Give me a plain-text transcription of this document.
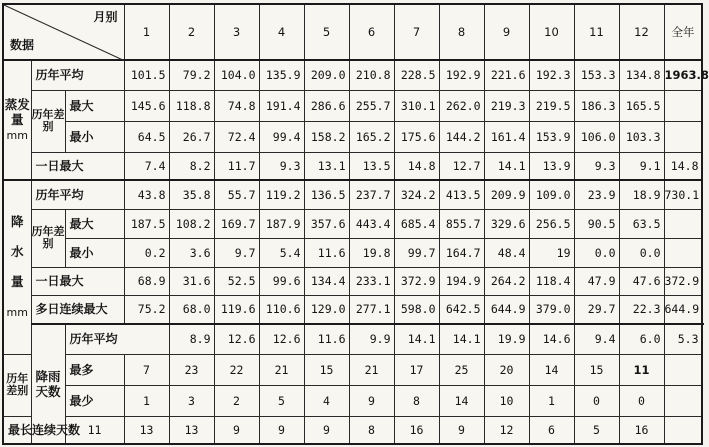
月别
数据			1	2	3	4	5	6	7	8	9	10	11	12	全年	
蒸发量
mm	历年平均		101.5	79.2	104.0	135.9	209.0	210.8	228.5	192.9	221.6	192.3	153.3	134.8	1963.8	
	历年差别	最大	145.6	118.8	74.8	191.4	286.6	255.7	310.1	262.0	219.3	219.5	186.3	165.5		
		最小	64.5	26.7	72.4	99.4	158.2	165.2	175.6	144.2	161.4	153.9	106.0	103.3		
	一日最大		7.4	8.2	11.7	9.3	13.1	13.5	14.8	12.7	14.1	13.9	9.3	9.1	14.8	
降

水

量

mm	历年平均		43.8	35.8	55.7	119.2	136.5	237.7	324.2	413.5	209.9	109.0	23.9	18.9	730.1	
	历年差别	最大	187.5	108.2	169.7	187.9	357.6	443.4	685.4	855.7	329.6	256.5	90.5	63.5		
		最小	0.2	3.6	9.7	5.4	11.6	19.8	99.7	164.7	48.4	19	0.0	0.0		
	一日最大		68.9	31.6	52.5	99.6	134.4	233.1	372.9	194.9	264.2	118.4	47.9	47.6	372.9	
	多日连续最大		75.2	68.0	119.6	110.6	129.0	277.1	598.0	642.5	644.9	379.0	29.7	22.3	644.9	
	降雨天数	历年平均		8.9	12.6	12.6	11.6	9.9	14.1	14.1	19.9	14.6	9.4	6.0	5.3	
历年差别		最多	7	23	22	21	15	21	17	25	20	14	15	11		
		最少	1	3	2	5	4	9	8	14	10	1	0	0		
最长连续天数		11	13	13	9	9	9	8	16	9	12	6	5	16		
